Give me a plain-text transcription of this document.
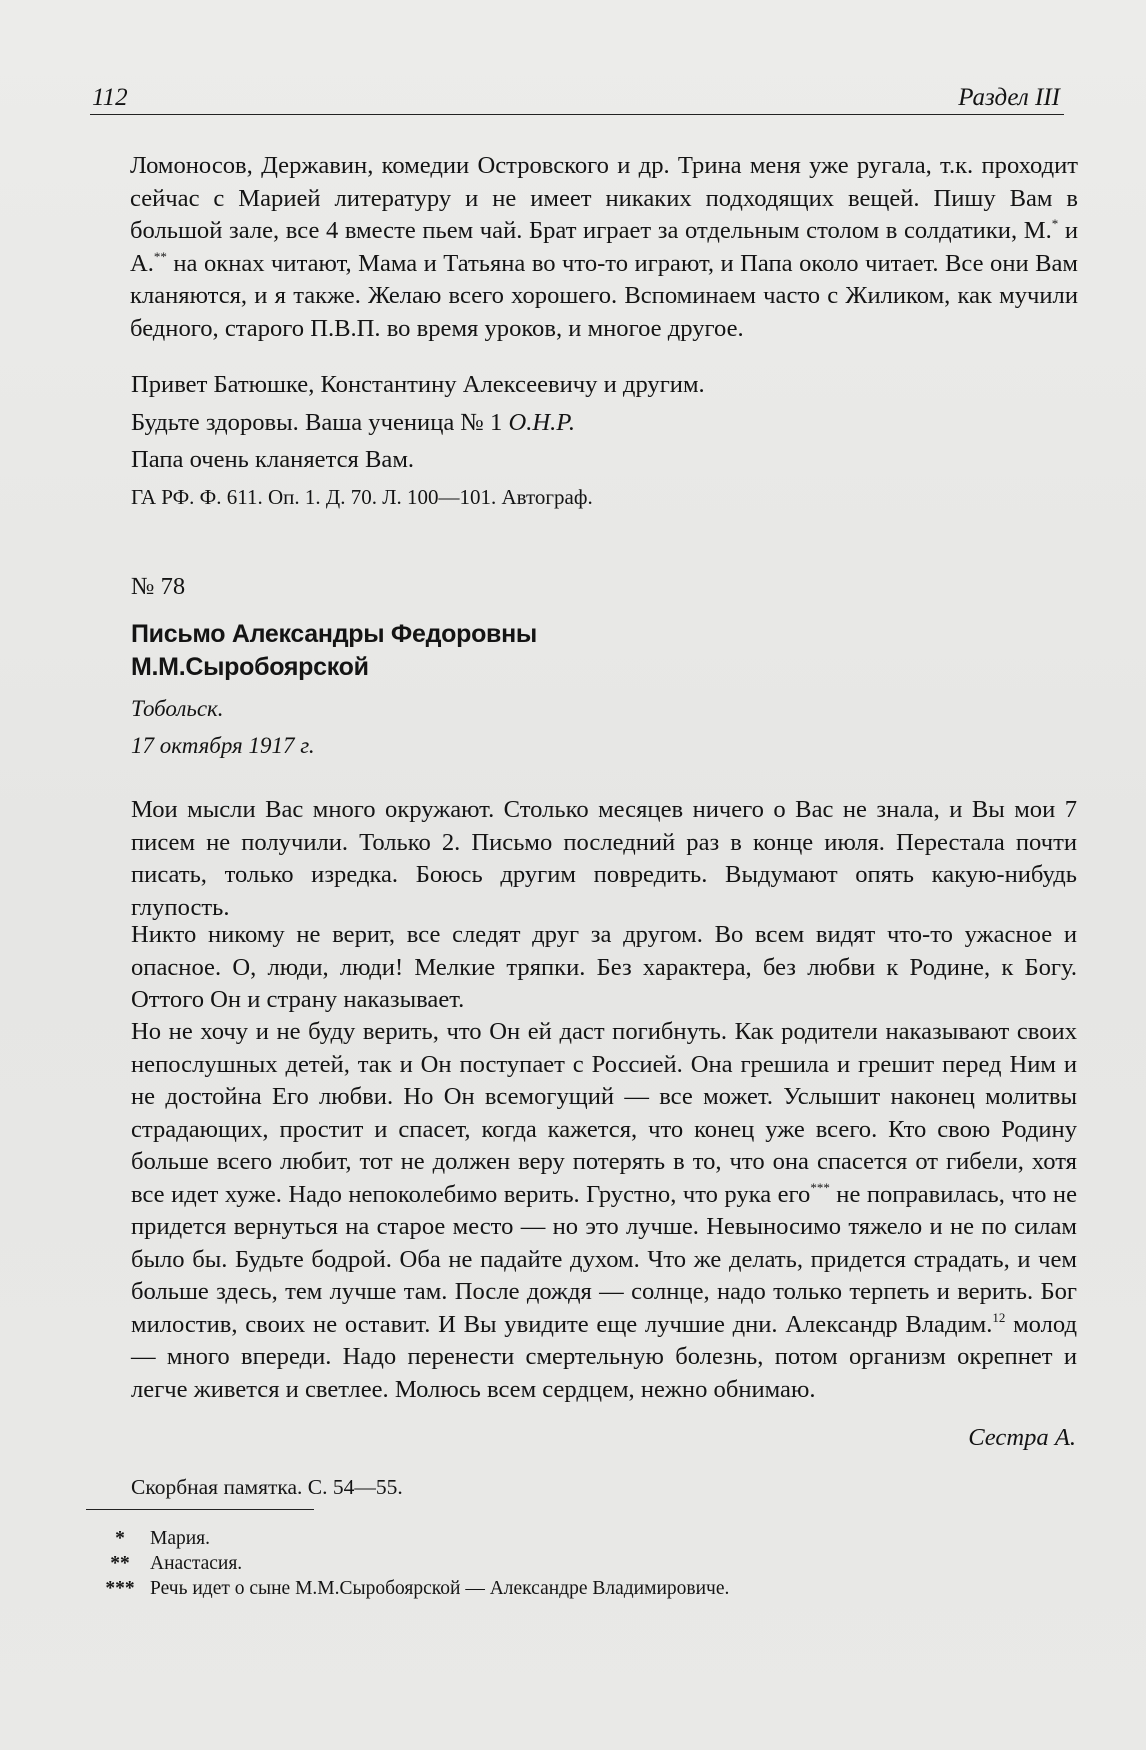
112	Раздел III

Ломоносов, Державин, комедии Островского и др. Трина меня уже ругала, т.к. проходит сейчас с Марией литературу и не имеет никаких подходящих вещей. Пишу Вам в большой зале, все 4 вместе пьем чай. Брат играет за отдельным столом в солдатики, М.* и А.** на окнах читают, Мама и Татьяна во что-то играют, и Папа около читает. Все они Вам кланяются, и я также. Желаю всего хорошего. Вспоминаем часто с Жиликом, как мучили бедного, старого П.В.П. во время уроков, и многое другое.

Привет Батюшке, Константину Алексеевичу и другим.

Будьте здоровы. Ваша ученица № 1 О.Н.Р.

Папа очень кланяется Вам.

ГА РФ. Ф. 611. Оп. 1. Д. 70. Л. 100—101. Автограф.
№ 78
Письмо Александры Федоровны
М.М.Сыробоярской
Тобольск.
17 октября 1917 г.

Мои мысли Вас много окружают. Столько месяцев ничего о Вас не знала, и Вы мои 7 писем не получили. Только 2. Письмо последний раз в конце июля. Перестала почти писать, только изредка. Боюсь другим повредить. Выдумают опять какую-нибудь глупость.

Никто никому не верит, все следят друг за другом. Во всем видят что-то ужасное и опасное. О, люди, люди! Мелкие тряпки. Без характера, без любви к Родине, к Богу. Оттого Он и страну наказывает.

Но не хочу и не буду верить, что Он ей даст погибнуть. Как родители наказывают своих непослушных детей, так и Он поступает с Россией. Она грешила и грешит перед Ним и не достойна Его любви. Но Он всемогущий — все может. Услышит наконец молитвы страдающих, простит и спасет, когда кажется, что конец уже всего. Кто свою Родину больше всего любит, тот не должен веру потерять в то, что она спасется от гибели, хотя все идет хуже. Надо непоколебимо верить. Грустно, что рука его*** не поправилась, что не придется вернуться на старое место — но это лучше. Невыносимо тяжело и не по силам было бы. Будьте бодрой. Оба не падайте духом. Что же делать, придется страдать, и чем больше здесь, тем лучше там. После дождя — солнце, надо только терпеть и верить. Бог милостив, своих не оставит. И Вы увидите еще лучшие дни. Александр Владим.$^{12}$ молод — много впереди. Надо перенести смертельную болезнь, потом организм окрепнет и легче живется и светлее. Молюсь всем сердцем, нежно обнимаю.

Сестра А.
Скорбная памятка. С. 54—55.
* Мария.
** Анастасия.
*** Речь идет о сыне М.М.Сыробоярской — Александре Владимировиче.
